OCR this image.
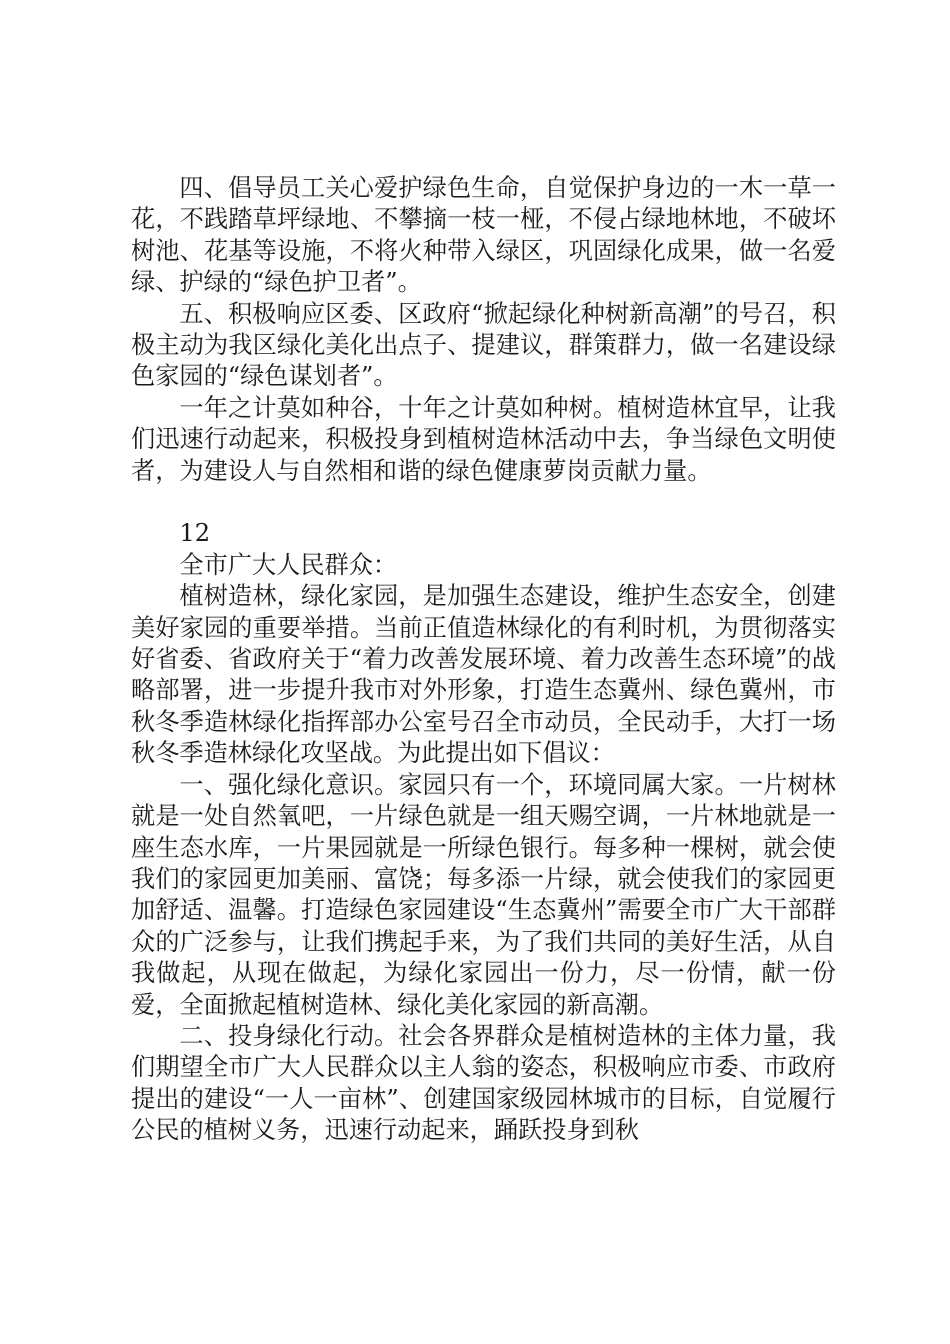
四、倡导员工关心爱护绿色生命，自觉保护身边的一木一草一花，不践踏草坪绿地、不攀摘一枝一桠，不侵占绿地林地，不破坏树池、花基等设施，不将火种带入绿区，巩固绿化成果，做一名爱绿、护绿的“绿色护卫者”。

五、积极响应区委、区政府“掀起绿化种树新高潮”的号召，积极主动为我区绿化美化出点子、提建议，群策群力，做一名建设绿色家园的“绿色谋划者”。

一年之计莫如种谷，十年之计莫如种树。植树造林宜早，让我们迅速行动起来，积极投身到植树造林活动中去，争当绿色文明使者，为建设人与自然相和谐的绿色健康萝岗贡献力量。

12

全市广大人民群众：

植树造林，绿化家园，是加强生态建设，维护生态安全，创建美好家园的重要举措。当前正值造林绿化的有利时机，为贯彻落实好省委、省政府关于“着力改善发展环境、着力改善生态环境”的战略部署，进一步提升我市对外形象，打造生态冀州、绿色冀州，市秋冬季造林绿化指挥部办公室号召全市动员，全民动手，大打一场秋冬季造林绿化攻坚战。为此提出如下倡议：

一、强化绿化意识。家园只有一个，环境同属大家。一片树林就是一处自然氧吧，一片绿色就是一组天赐空调，一片林地就是一座生态水库，一片果园就是一所绿色银行。每多种一棵树，就会使我们的家园更加美丽、富饶；每多添一片绿，就会使我们的家园更加舒适、温馨。打造绿色家园建设“生态冀州”需要全市广大干部群众的广泛参与，让我们携起手来，为了我们共同的美好生活，从自我做起，从现在做起，为绿化家园出一份力，尽一份情，献一份爱，全面掀起植树造林、绿化美化家园的新高潮。

二、投身绿化行动。社会各界群众是植树造林的主体力量，我们期望全市广大人民群众以主人翁的姿态，积极响应市委、市政府提出的建设“一人一亩林”、创建国家级园林城市的目标，自觉履行公民的植树义务，迅速行动起来，踊跃投身到秋
